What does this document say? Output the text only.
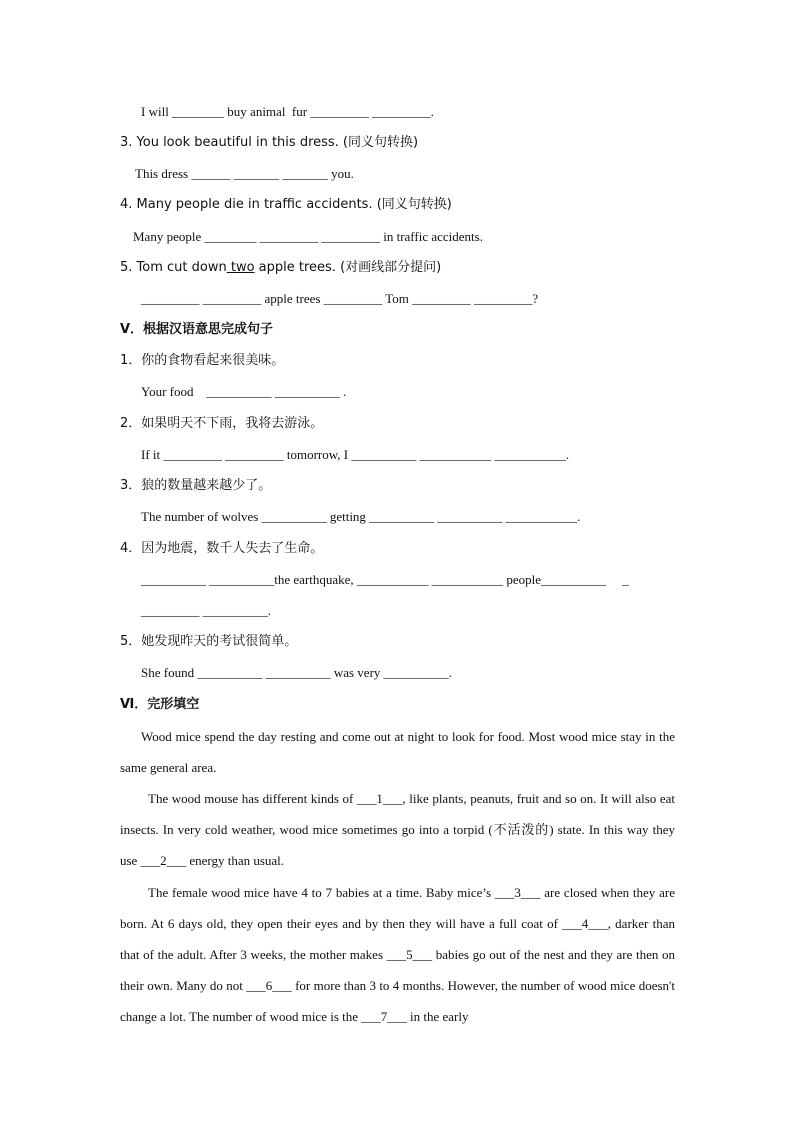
I will ________ buy animal  fur _________ _________.
3. You look beautiful in this dress. (同义句转换)
This dress ______ _______ _______ you.
4. Many people die in traffic accidents. (同义句转换)
Many people ________ _________ _________ in traffic accidents.
5. Tom cut down two apple trees. (对画线部分提问)
_________ _________ apple trees _________ Tom _________ _________?
Ⅴ．根据汉语意思完成句子
1．你的食物看起来很美味。
Your food    __________ __________ .
2．如果明天不下雨，我将去游泳。
If it _________ _________ tomorrow, I __________ ___________ ___________.
3．狼的数量越来越少了。
The number of wolves __________ getting __________ __________ ___________.
4．因为地震，数千人失去了生命。
__________ __________the earthquake, ___________ ___________ people__________     _
_________ __________.
5．她发现昨天的考试很简单。
She found __________ __________ was very __________.
Ⅵ．完形填空
Wood mice spend the day resting and come out at night to look for food. Most wood mice stay in the same general area.
The wood mouse has different kinds of ___1___, like plants, peanuts, fruit and so on. It will also eat insects. In very cold weather, wood mice sometimes go into a torpid (不活泼的) state. In this way they use ___2___ energy than usual.
The female wood mice have 4 to 7 babies at a time. Baby mice’s ___3___ are closed when they are born. At 6 days old, they open their eyes and by then they will have a full coat of ___4___, darker than that of the adult. After 3 weeks, the mother makes ___5___ babies go out of the nest and they are then on their own. Many do not ___6___ for more than 3 to 4 months. However, the number of wood mice doesn't change a lot. The number of wood mice is the ___7___ in the early
